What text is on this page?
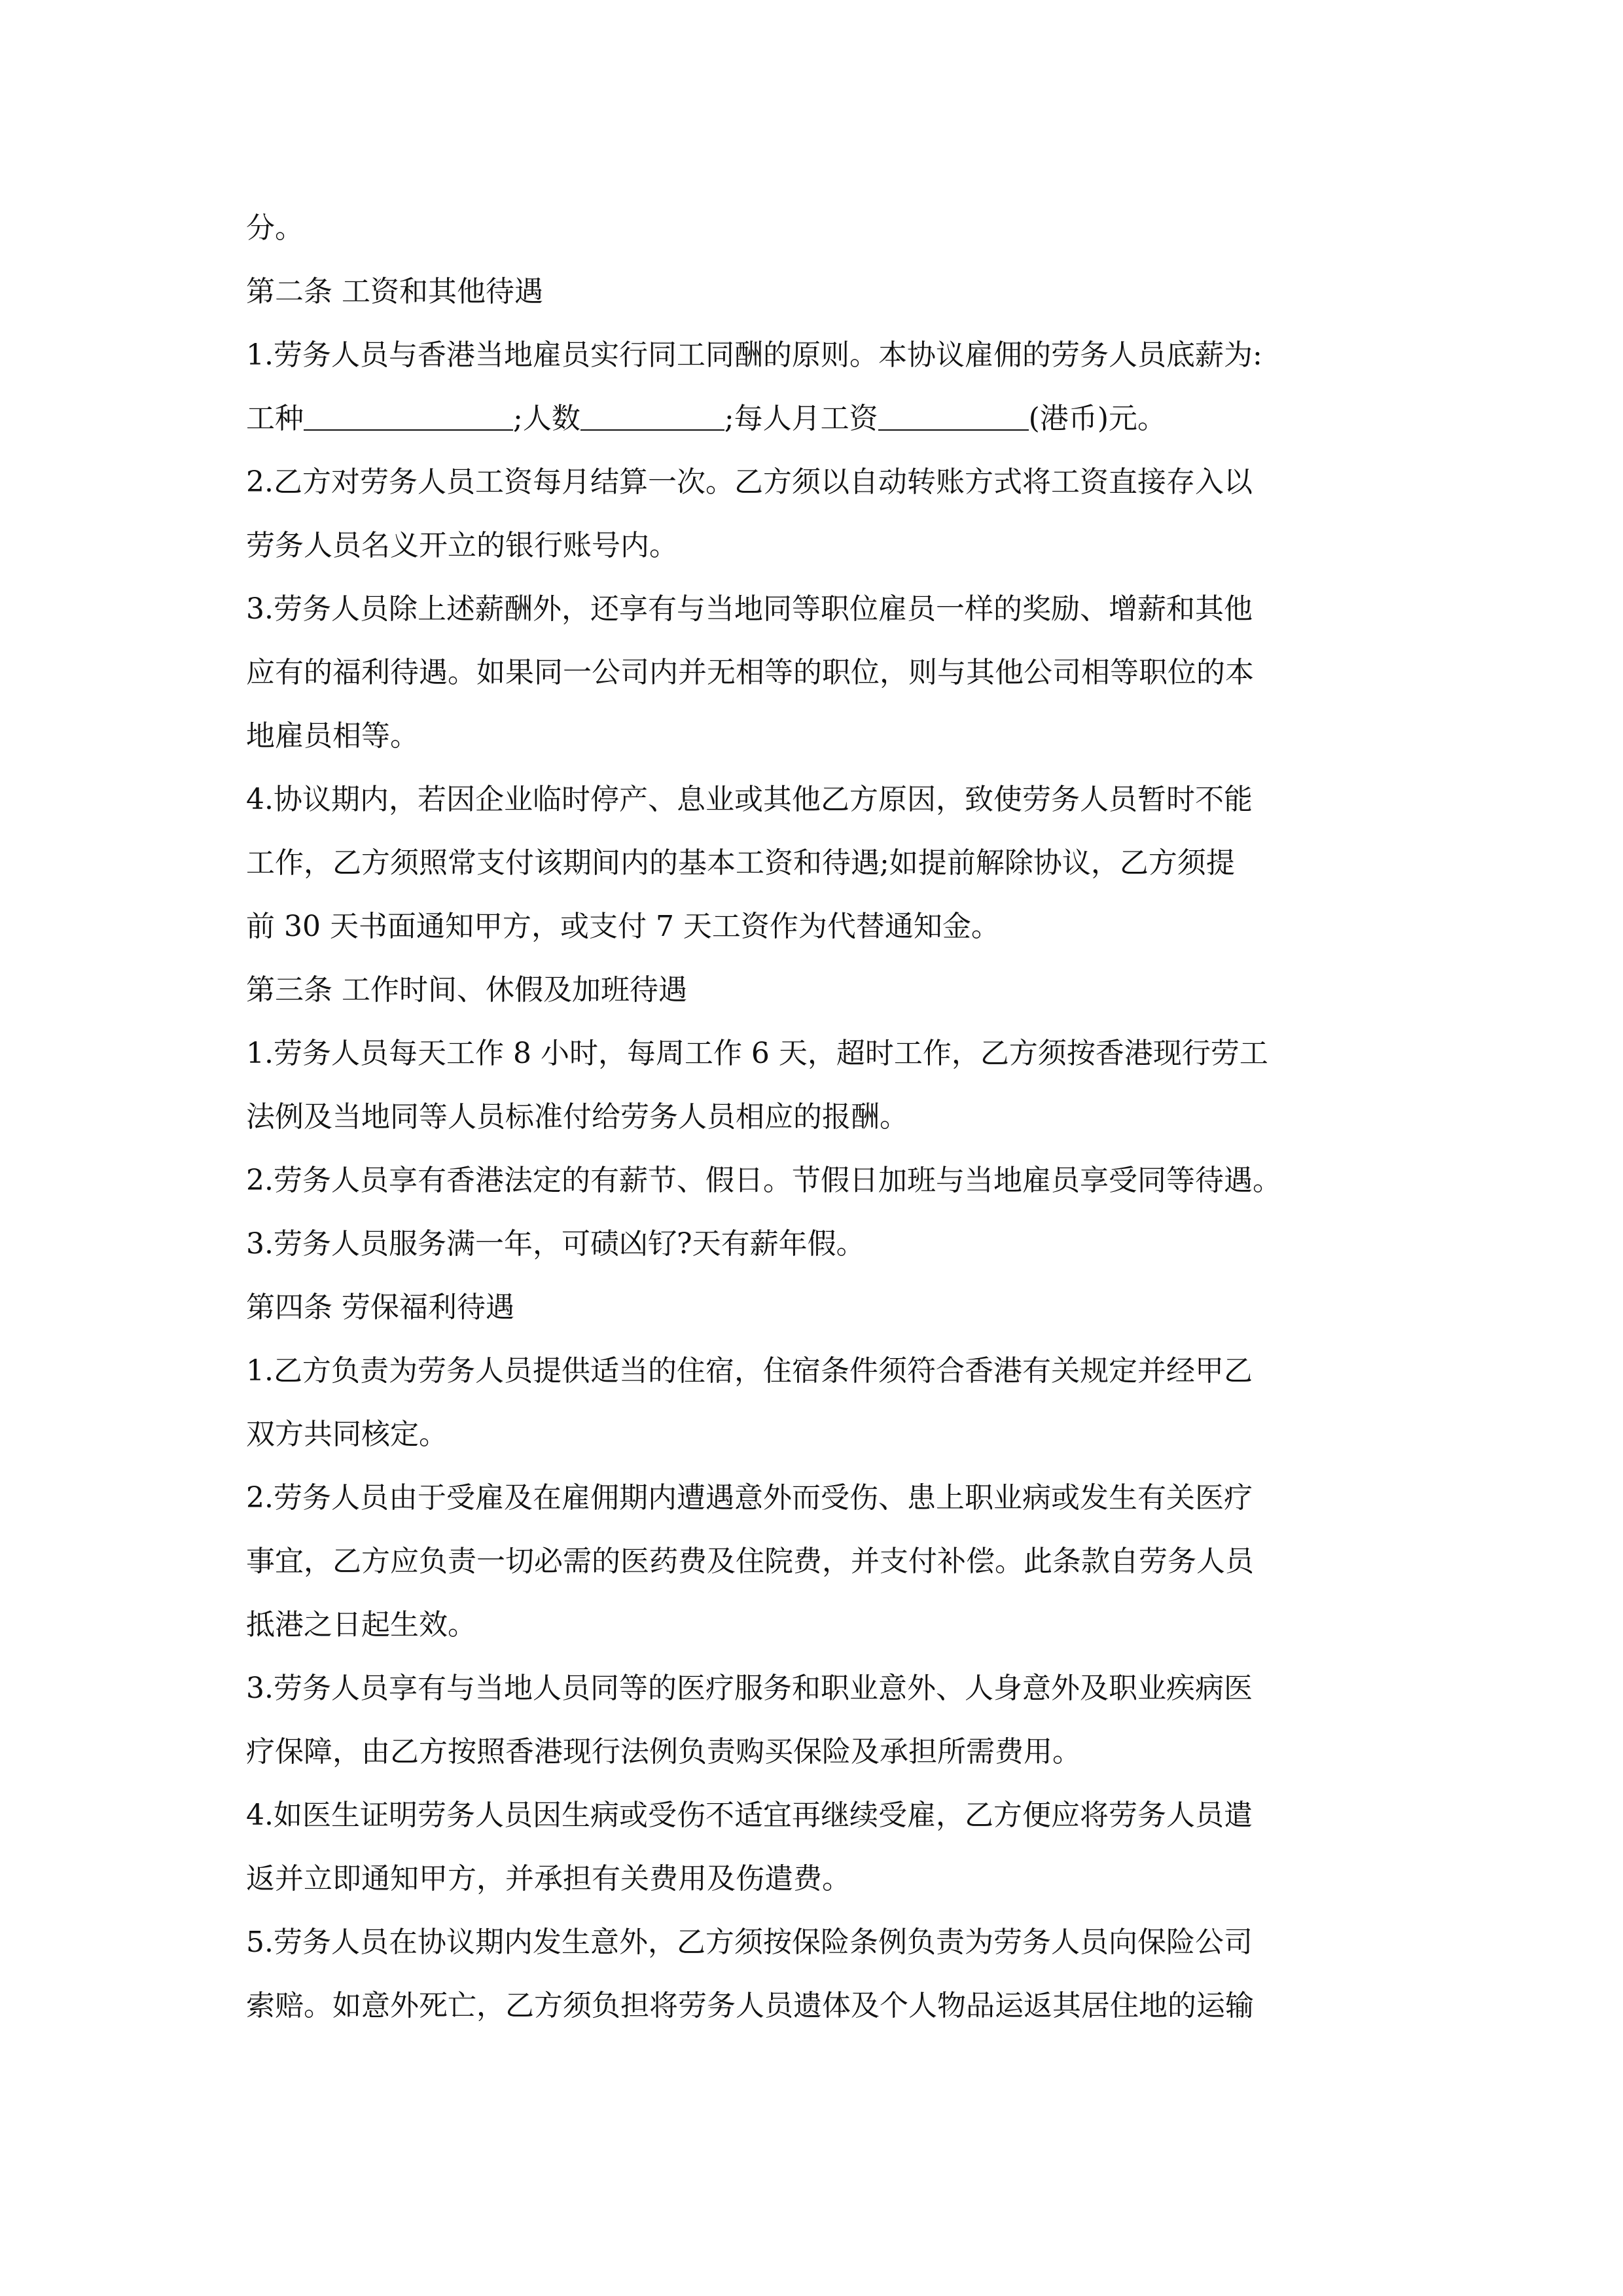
分。
第二条 工资和其他待遇
1.劳务人员与香港当地雇员实行同工同酬的原则。本协议雇佣的劳务人员底薪为:
工种	;人数	;每人月工资	(港币)元。
2.乙方对劳务人员工资每月结算一次。乙方须以自动转账方式将工资直接存入以
劳务人员名义开立的银行账号内。
3.劳务人员除上述薪酬外，还享有与当地同等职位雇员一样的奖励、增薪和其他
应有的福利待遇。如果同一公司内并无相等的职位，则与其他公司相等职位的本
地雇员相等。
4.协议期内，若因企业临时停产、息业或其他乙方原因，致使劳务人员暂时不能
工作，乙方须照常支付该期间内的基本工资和待遇;如提前解除协议，乙方须提
前 30 天书面通知甲方，或支付 7 天工资作为代替通知金。
第三条 工作时间、休假及加班待遇
1.劳务人员每天工作 8 小时，每周工作 6 天，超时工作，乙方须按香港现行劳工
法例及当地同等人员标准付给劳务人员相应的报酬。
2.劳务人员享有香港法定的有薪节、假日。节假日加班与当地雇员享受同等待遇。
3.劳务人员服务满一年，可碛凶钌?天有薪年假。
第四条 劳保福利待遇
1.乙方负责为劳务人员提供适当的住宿，住宿条件须符合香港有关规定并经甲乙
双方共同核定。
2.劳务人员由于受雇及在雇佣期内遭遇意外而受伤、患上职业病或发生有关医疗
事宜，乙方应负责一切必需的医药费及住院费，并支付补偿。此条款自劳务人员
抵港之日起生效。
3.劳务人员享有与当地人员同等的医疗服务和职业意外、人身意外及职业疾病医
疗保障，由乙方按照香港现行法例负责购买保险及承担所需费用。
4.如医生证明劳务人员因生病或受伤不适宜再继续受雇，乙方便应将劳务人员遣
返并立即通知甲方，并承担有关费用及伤遣费。
5.劳务人员在协议期内发生意外，乙方须按保险条例负责为劳务人员向保险公司
索赔。如意外死亡，乙方须负担将劳务人员遗体及个人物品运返其居住地的运输
